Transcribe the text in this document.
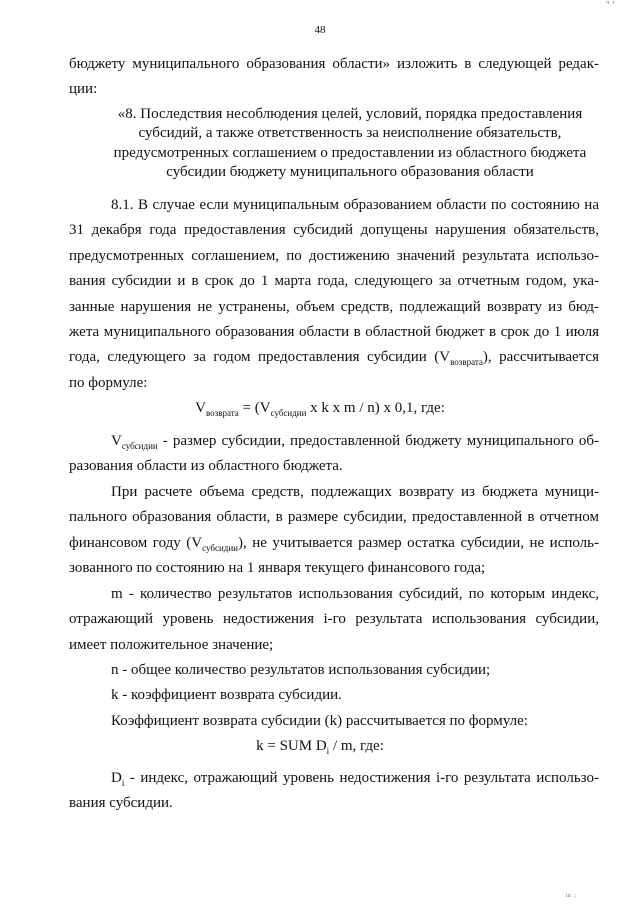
ч г
48
бюджету муниципального образования области» изложить в следующей редак-
ции:
«8. Последствия несоблюдения целей, условий, порядка предоставления
субсидий, а также ответственность за неисполнение обязательств,
предусмотренных соглашением о предоставлении из областного бюджета
субсидии бюджету муниципального образования области
8.1. В случае если муниципальным образованием области по состоянию на
31 декабря года предоставления субсидий допущены нарушения обязательств,
предусмотренных соглашением, по достижению значений результата использо-
вания субсидии и в срок до 1 марта года, следующего за отчетным годом, ука-
занные нарушения не устранены, объем средств, подлежащий возврату из бюд-
жета муниципального образования области в областной бюджет в срок до 1 июля
года, следующего за годом предоставления субсидии $(V_{возврата})$, рассчитывается
по формуле:
$V_{возврата} = (V_{субсидии}$ x k x m / n) x 0,1, где:
$V_{субсидии}$ - размер субсидии, предоставленной бюджету муниципального об-
разования области из областного бюджета.
При расчете объема средств, подлежащих возврату из бюджета муници-
пального образования области, в размере субсидии, предоставленной в отчетном
финансовом году $(V_{субсидии})$, не учитывается размер остатка субсидии, не исполь-
зованного по состоянию на 1 января текущего финансового года;
m - количество результатов использования субсидий, по которым индекс,
отражающий уровень недостижения i-го результата использования субсидии,
имеет положительное значение;
n - общее количество результатов использования субсидии;
k - коэффициент возврата субсидии.
Коэффициент возврата субсидии (k) рассчитывается по формуле:
k = SUM $D_i$ / m, где:
$D_i$ - индекс, отражающий уровень недостижения i-го результата использо-
вания субсидии.
ш ;
